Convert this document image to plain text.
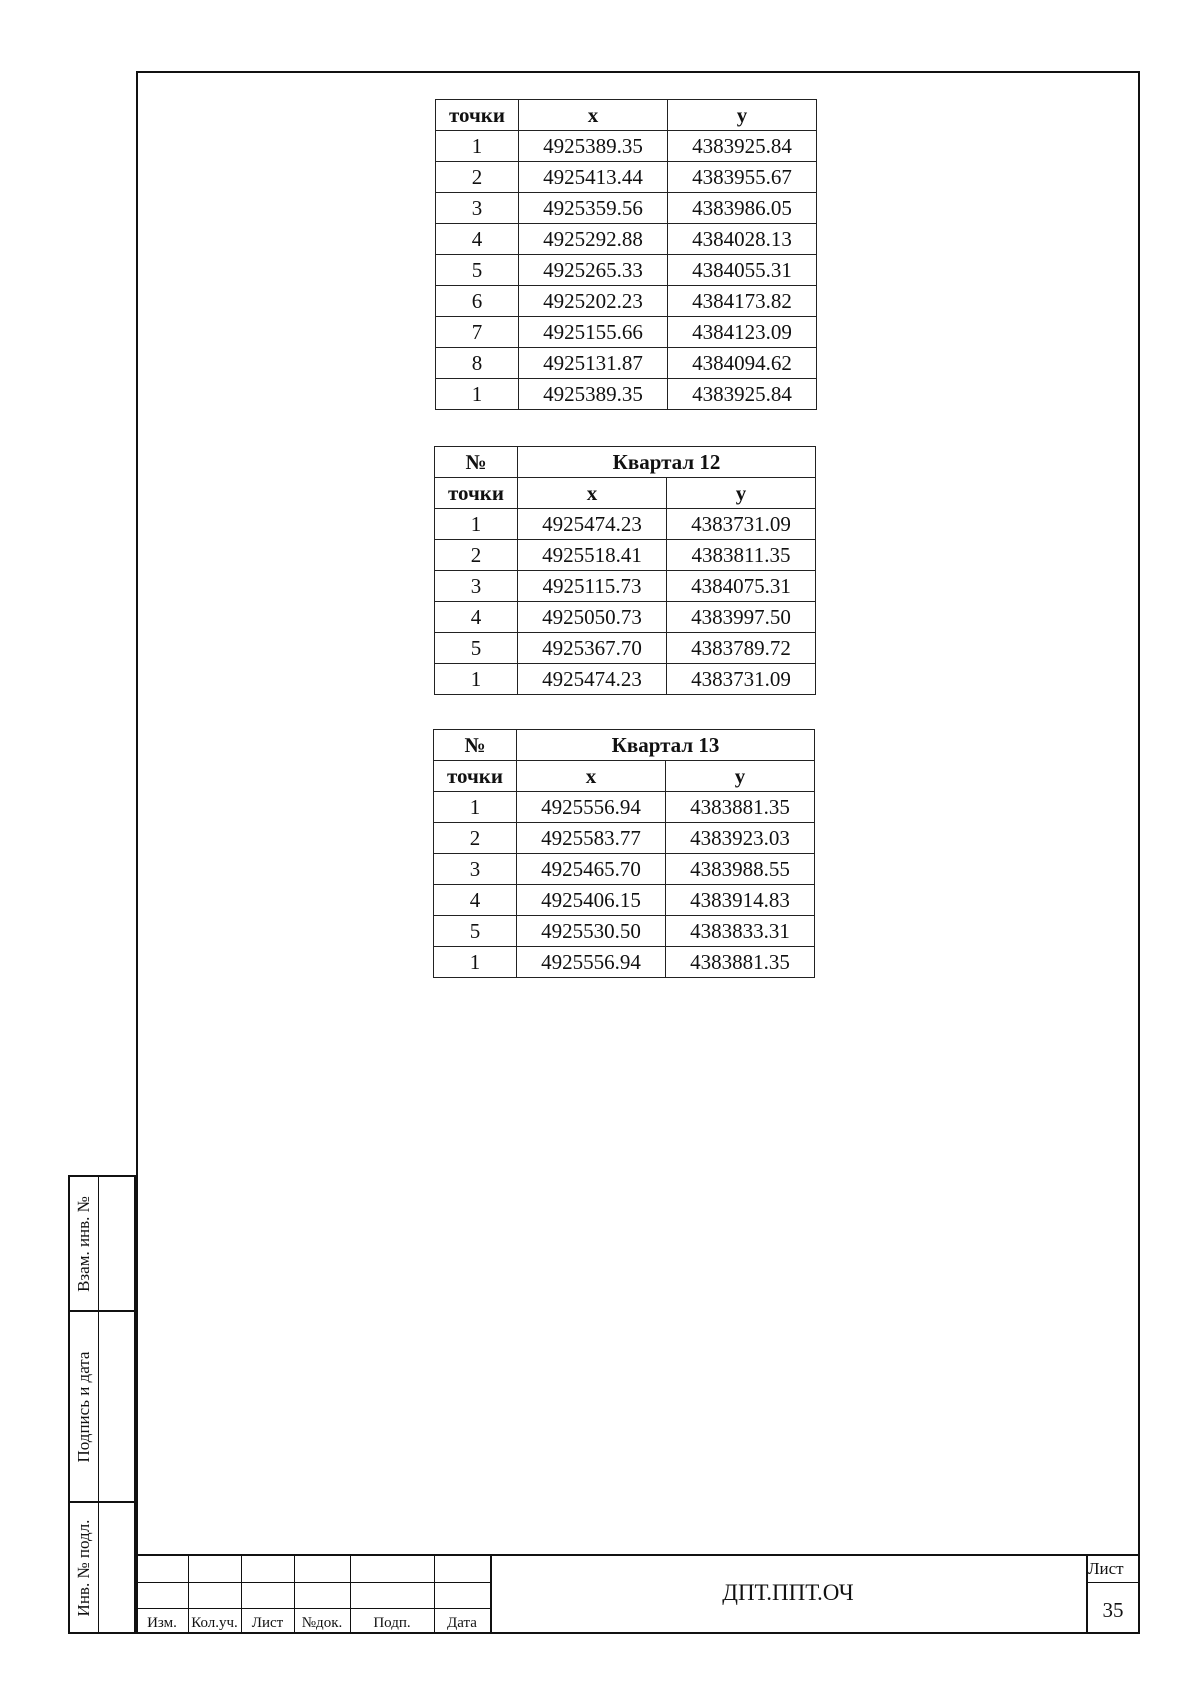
точки	x	y
1	4925389.35	4383925.84
2	4925413.44	4383955.67
3	4925359.56	4383986.05
4	4925292.88	4384028.13
5	4925265.33	4384055.31
6	4925202.23	4384173.82
7	4925155.66	4384123.09
8	4925131.87	4384094.62
1	4925389.35	4383925.84
№	Квартал 12	
точки	x	y
1	4925474.23	4383731.09
2	4925518.41	4383811.35
3	4925115.73	4384075.31
4	4925050.73	4383997.50
5	4925367.70	4383789.72
1	4925474.23	4383731.09
№	Квартал 13	
точки	x	y
1	4925556.94	4383881.35
2	4925583.77	4383923.03
3	4925465.70	4383988.55
4	4925406.15	4383914.83
5	4925530.50	4383833.31
1	4925556.94	4383881.35
Взам. инв. №
Подпись и дата
Инв. № подл.
Изм. Кол.уч. Лист	№док.	Подп.	Дата
ДПТ.ППТ.ОЧ
Лист
35
